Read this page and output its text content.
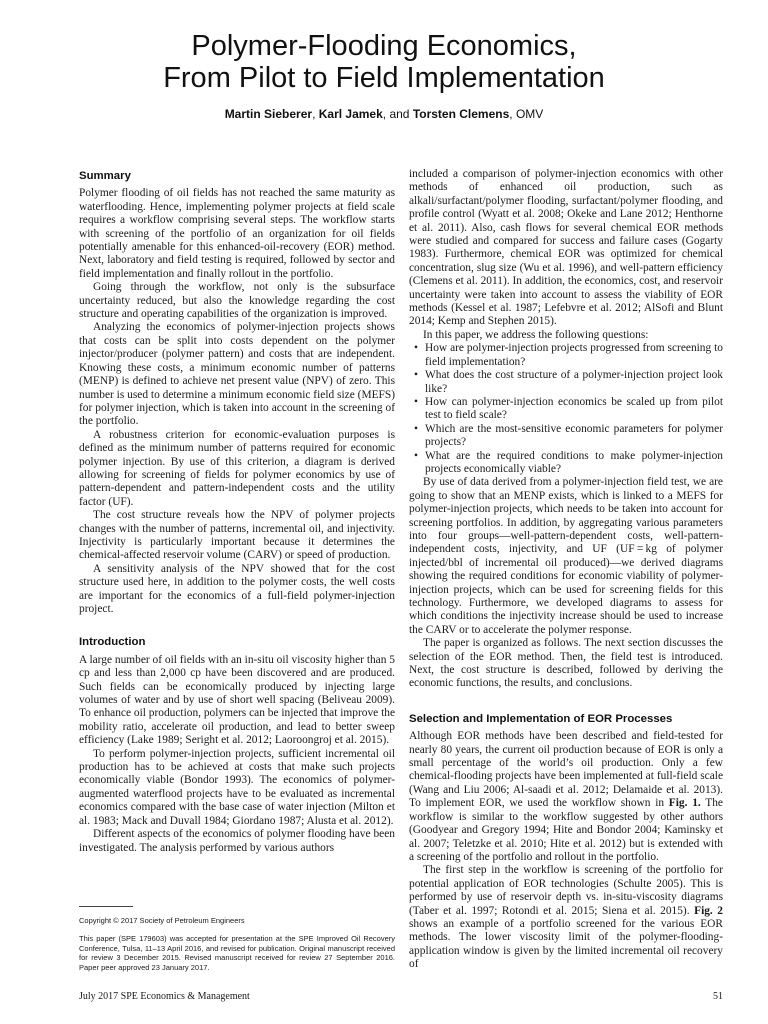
Polymer-Flooding Economics,
From Pilot to Field Implementation
Martin Sieberer, Karl Jamek, and Torsten Clemens, OMV
Summary

Polymer flooding of oil fields has not reached the same maturity as waterflooding. Hence, implementing polymer projects at field scale requires a workflow comprising several steps. The workflow starts with screening of the portfolio of an organization for oil fields potentially amenable for this enhanced-oil-recovery (EOR) method. Next, laboratory and field testing is required, followed by sector and field implementation and finally rollout in the portfolio.

Going through the workflow, not only is the subsurface uncertainty reduced, but also the knowledge regarding the cost structure and operating capabilities of the organization is improved.

Analyzing the economics of polymer-injection projects shows that costs can be split into costs dependent on the polymer injector/producer (polymer pattern) and costs that are independent. Knowing these costs, a minimum economic number of patterns (MENP) is defined to achieve net present value (NPV) of zero. This number is used to determine a minimum economic field size (MEFS) for polymer injection, which is taken into account in the screening of the portfolio.

A robustness criterion for economic-evaluation purposes is defined as the minimum number of patterns required for economic polymer injection. By use of this criterion, a diagram is derived allowing for screening of fields for polymer economics by use of pattern-dependent and pattern-independent costs and the utility factor (UF).

The cost structure reveals how the NPV of polymer projects changes with the number of patterns, incremental oil, and injectivity. Injectivity is particularly important because it determines the chemical-affected reservoir volume (CARV) or speed of production.

A sensitivity analysis of the NPV showed that for the cost structure used here, in addition to the polymer costs, the well costs are important for the economics of a full-field polymer-injection project.

Introduction

A large number of oil fields with an in-situ oil viscosity higher than 5 cp and less than 2,000 cp have been discovered and are produced. Such fields can be economically produced by injecting large volumes of water and by use of short well spacing (Beliveau 2009). To enhance oil production, polymers can be injected that improve the mobility ratio, accelerate oil production, and lead to better sweep efficiency (Lake 1989; Seright et al. 2012; Laoroongroj et al. 2015).

To perform polymer-injection projects, sufficient incremental oil production has to be achieved at costs that make such projects economically viable (Bondor 1993). The economics of polymer-augmented waterflood projects have to be evaluated as incremental economics compared with the base case of water injection (Milton et al. 1983; Mack and Duvall 1984; Giordano 1987; Alusta et al. 2012).

Different aspects of the economics of polymer flooding have been investigated. The analysis performed by various authors

included a comparison of polymer-injection economics with other methods of enhanced oil production, such as alkali/surfactant/polymer flooding, surfactant/polymer flooding, and profile control (Wyatt et al. 2008; Okeke and Lane 2012; Henthorne et al. 2011). Also, cash flows for several chemical EOR methods were studied and compared for success and failure cases (Gogarty 1983). Furthermore, chemical EOR was optimized for chemical concentration, slug size (Wu et al. 1996), and well-pattern efficiency (Clemens et al. 2011). In addition, the economics, cost, and reservoir uncertainty were taken into account to assess the viability of EOR methods (Kessel et al. 1987; Lefebvre et al. 2012; AlSofi and Blunt 2014; Kemp and Stephen 2015).

In this paper, we address the following questions:

• How are polymer-injection projects progressed from screening to field implementation?
• What does the cost structure of a polymer-injection project look like?
• How can polymer-injection economics be scaled up from pilot test to field scale?
• Which are the most-sensitive economic parameters for polymer projects?
• What are the required conditions to make polymer-injection projects economically viable?

By use of data derived from a polymer-injection field test, we are going to show that an MENP exists, which is linked to a MEFS for polymer-injection projects, which needs to be taken into account for screening portfolios. In addition, by aggregating various parameters into four groups—well-pattern-dependent costs, well-pattern-independent costs, injectivity, and UF (UF = kg of polymer injected/bbl of incremental oil produced)—we derived diagrams showing the required conditions for economic viability of polymer-injection projects, which can be used for screening fields for this technology. Furthermore, we developed diagrams to assess for which conditions the injectivity increase should be used to increase the CARV or to accelerate the polymer response.

The paper is organized as follows. The next section discusses the selection of the EOR method. Then, the field test is introduced. Next, the cost structure is described, followed by deriving the economic functions, the results, and conclusions.

Selection and Implementation of EOR Processes

Although EOR methods have been described and field-tested for nearly 80 years, the current oil production because of EOR is only a small percentage of the world’s oil production. Only a few chemical-flooding projects have been implemented at full-field scale (Wang and Liu 2006; Al-saadi et al. 2012; Delamaide et al. 2013). To implement EOR, we used the workflow shown in Fig. 1. The workflow is similar to the workflow suggested by other authors (Goodyear and Gregory 1994; Hite and Bondor 2004; Kaminsky et al. 2007; Teletzke et al. 2010; Hite et al. 2012) but is extended with a screening of the portfolio and rollout in the portfolio.

The first step in the workflow is screening of the portfolio for potential application of EOR technologies (Schulte 2005). This is performed by use of reservoir depth vs. in-situ-viscosity diagrams (Taber et al. 1997; Rotondi et al. 2015; Siena et al. 2015). Fig. 2 shows an example of a portfolio screened for the various EOR methods. The lower viscosity limit of the polymer-flooding-application window is given by the limited incremental oil recovery of

Copyright © 2017 Society of Petroleum Engineers
This paper (SPE 179603) was accepted for presentation at the SPE Improved Oil Recovery Conference, Tulsa, 11–13 April 2016, and revised for publication. Original manuscript received for review 3 December 2015. Revised manuscript received for review 27 September 2016. Paper peer approved 23 January 2017.
July 2017 SPE Economics & Management	51
